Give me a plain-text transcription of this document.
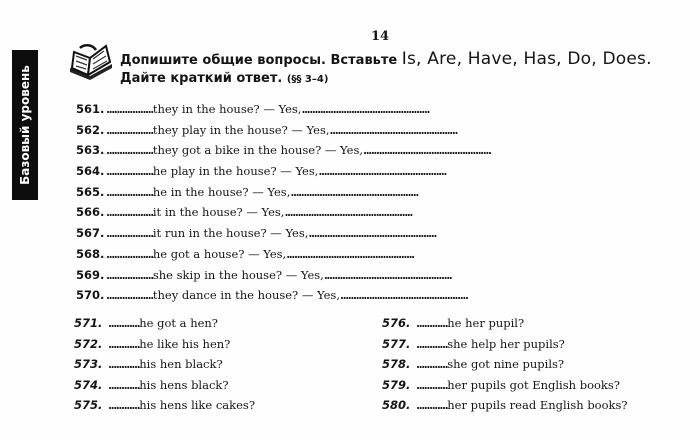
14
Базовый уровень
Допишите общие вопросы. Вставьте Is, Are, Have, Has, Do, Does.
Дайте краткий ответ. (§§ 3–4)
561. .................. they in the house? — Yes, .................................................
562. .................. they play in the house? — Yes, .................................................
563. .................. they got a bike in the house? — Yes, .................................................
564. .................. he play in the house? — Yes, .................................................
565. .................. he in the house? — Yes, .................................................
566. .................. it in the house? — Yes, .................................................
567. .................. it run in the house? — Yes, .................................................
568. .................. he got a house? — Yes, .................................................
569. .................. she skip in the house? — Yes, .................................................
570. .................. they dance in the house? — Yes, .................................................
571. ............ he got a hen?
572. ............ he like his hen?
573. ............ his hen black?
574. ............ his hens black?
575. ............ his hens like cakes?
576. ............ he her pupil?
577. ............ she help her pupils?
578. ............ she got nine pupils?
579. ............ her pupils got English books?
580. ............ her pupils read English books?
